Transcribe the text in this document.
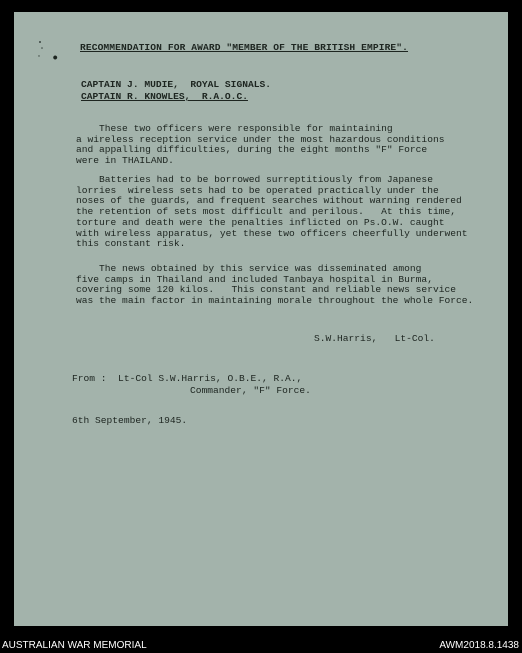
•
RECOMMENDATION FOR AWARD "MEMBER OF THE BRITISH EMPIRE".
CAPTAIN J. MUDIE,  ROYAL SIGNALS.
CAPTAIN R. KNOWLES,  R.A.O.C.
These two officers were responsible for maintaining
a wireless reception service under the most hazardous conditions
and appalling difficulties, during the eight months "F" Force
were in THAILAND.
Batteries had to be borrowed surreptitiously from Japanese
lorries  wireless sets had to be operated practically under the
noses of the guards, and frequent searches without warning rendered
the retention of sets most difficult and perilous.   At this time,
torture and death were the penalties inflicted on Ps.O.W. caught
with wireless apparatus, yet these two officers cheerfully underwent
this constant risk.
The news obtained by this service was disseminated among
five camps in Thailand and included Tanbaya hospital in Burma,
covering some 120 kilos.   This constant and reliable news service
was the main factor in maintaining morale throughout the whole Force.
S.W.Harris,   Lt-Col.
From :  Lt-Col S.W.Harris, O.B.E., R.A.,
Commander, "F" Force.
6th September, 1945.
AUSTRALIAN WAR MEMORIAL	AWM2018.8.1438
